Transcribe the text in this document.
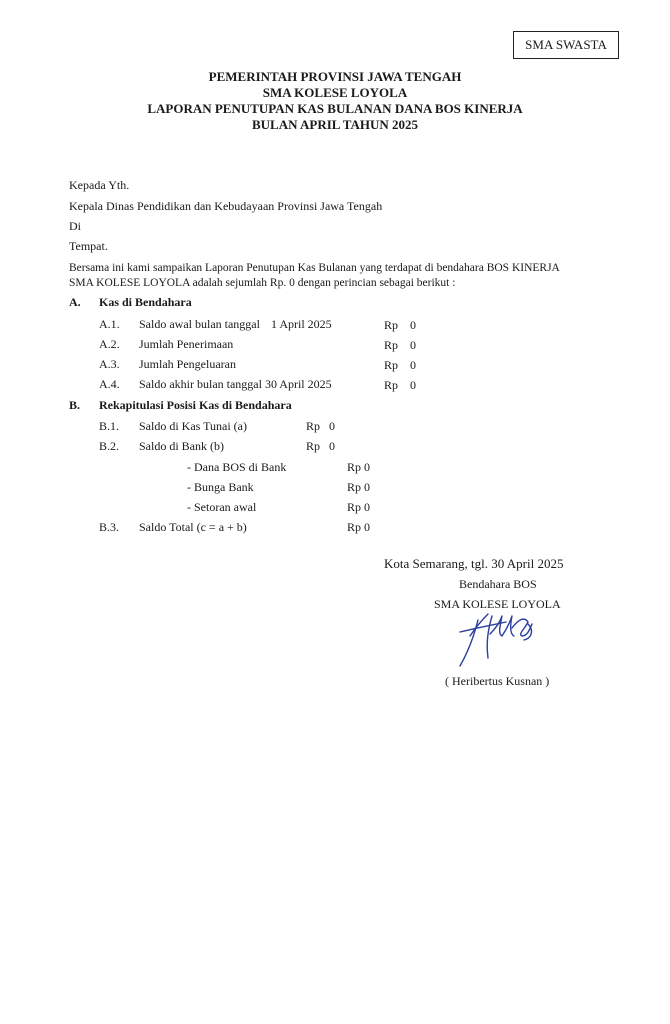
SMA SWASTA
PEMERINTAH PROVINSI JAWA TENGAH
SMA KOLESE LOYOLA
LAPORAN PENUTUPAN KAS BULANAN DANA BOS KINERJA
BULAN APRIL TAHUN 2025
Kepada Yth.
Kepala Dinas Pendidikan dan Kebudayaan Provinsi Jawa Tengah
Di
Tempat.
Bersama ini kami sampaikan Laporan Penutupan Kas Bulanan yang terdapat di bendahara BOS KINERJA
SMA KOLESE LOYOLA adalah sejumlah Rp. 0 dengan perincian sebagai berikut :
A. Kas di Bendahara
A.1. Saldo awal bulan tanggal 1 April 2025	Rp 0
A.2. Jumlah Penerimaan	Rp 0
A.3. Jumlah Pengeluaran	Rp 0
A.4. Saldo akhir bulan tanggal 30 April 2025	Rp 0
B. Rekapitulasi Posisi Kas di Bendahara
B.1. Saldo di Kas Tunai (a)	Rp 0
B.2. Saldo di Bank (b)	Rp 0
- Dana BOS di Bank	Rp 0
- Bunga Bank	Rp 0
- Setoran awal	Rp 0
B.3. Saldo Total (c = a + b)	Rp 0
Kota Semarang, tgl. 30 April 2025
Bendahara BOS
SMA KOLESE LOYOLA
( Heribertus Kusnan )
